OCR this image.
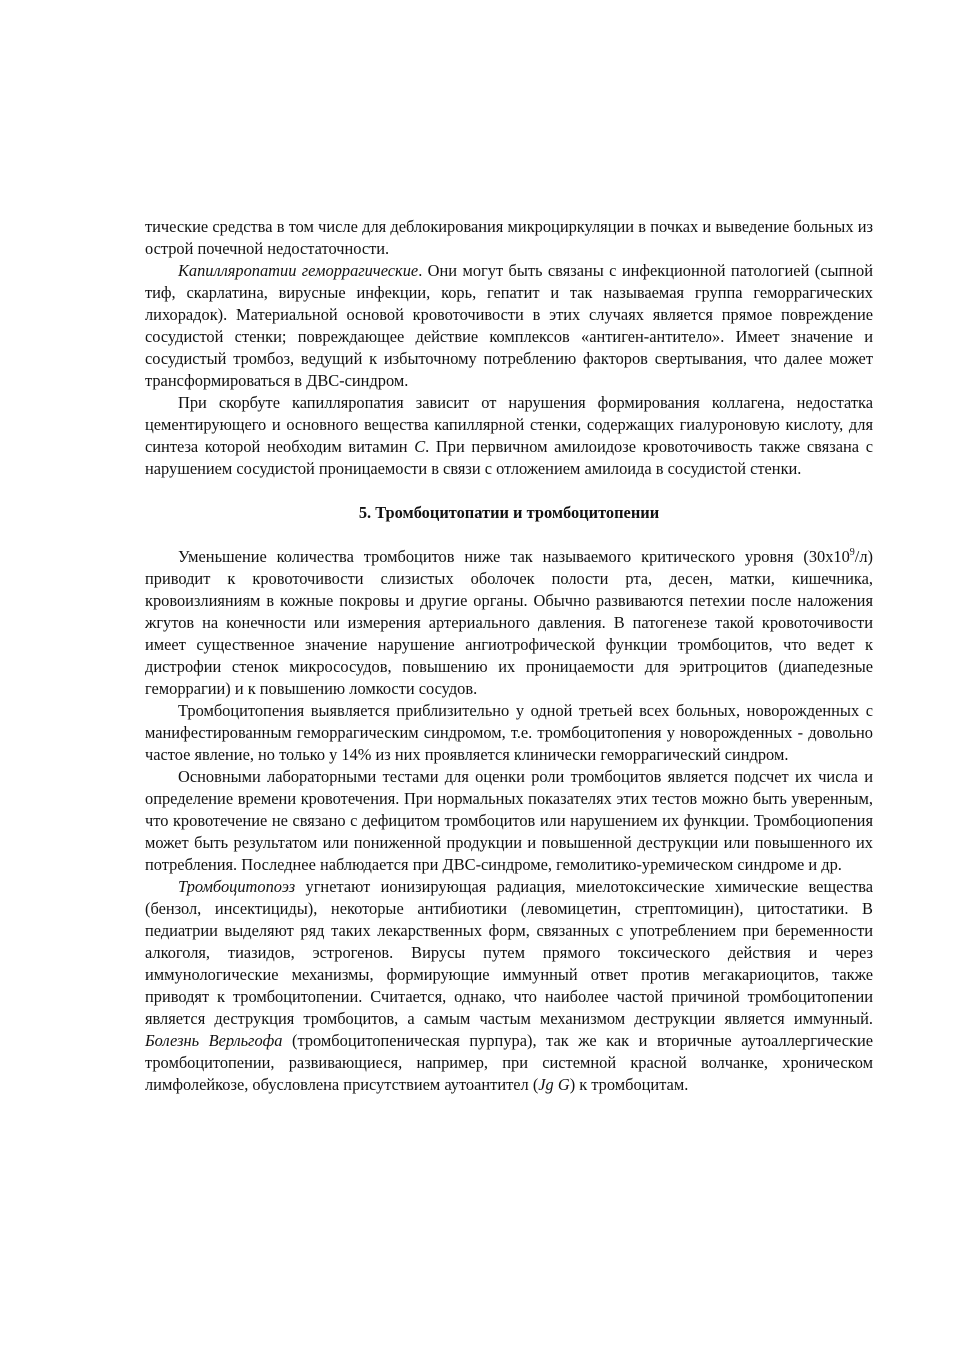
тические средства в том числе для деблокирования микроциркуляции в почках и выведение больных из острой почечной недостаточности.

Капилляропатии геморрагические. Они могут быть связаны с инфекционной патологией (сыпной тиф, скарлатина, вирусные инфекции, корь, гепатит и так называемая группа геморрагических лихорадок). Материальной основой кровоточивости в этих случаях является прямое повреждение сосудистой стенки; повреждающее действие комплексов «антиген-антитело». Имеет значение и сосудистый тромбоз, ведущий к избыточному потреблению факторов свертывания, что далее может трансформироваться в ДВС-синдром.

При скорбуте капилляропатия зависит от нарушения формирования коллагена, недостатка цементирующего и основного вещества капиллярной стенки, содержащих гиалуроновую кислоту, для синтеза которой необходим витамин С. При первичном амилоидозе кровоточивость также связана с нарушением сосудистой проницаемости в связи с отложением амилоида в сосудистой стенки.

5. Тромбоцитопатии и тромбоцитопении

Уменьшение количества тромбоцитов ниже так называемого критического уровня $(30х10^9/л)$ приводит к кровоточивости слизистых оболочек полости рта, десен, матки, кишечника, кровоизлияниям в кожные покровы и другие органы. Обычно развиваются петехии после наложения жгутов на конечности или измерения артериального давления. В патогенезе такой кровоточивости имеет существенное значение нарушение ангиотрофической функции тромбоцитов, что ведет к дистрофии стенок микрососудов, повышению их проницаемости для эритроцитов (диапедезные геморрагии) и к повышению ломкости сосудов.

Тромбоцитопения выявляется приблизительно у одной третьей всех больных, новорожденных с манифестированным геморрагическим синдромом, т.е. тромбоцитопения у новорожденных - довольно частое явление, но только у 14% из них проявляется клинически геморрагический синдром.

Основными лабораторными тестами для оценки роли тромбоцитов является подсчет их числа и определение времени кровотечения. При нормальных показателях этих тестов можно быть уверенным, что кровотечение не связано с дефицитом тромбоцитов или нарушением их функции. Тромбоциопения может быть результатом или пониженной продукции и повышенной деструкции или повышенного их потребления. Последнее наблюдается при ДВС-синдроме, гемолитико-уремическом синдроме и др.

Тромбоцитопоэз угнетают ионизирующая радиация, миелотоксические химические вещества (бензол, инсектициды), некоторые антибиотики (левомицетин, стрептомицин), цитостатики. В педиатрии выделяют ряд таких лекарственных форм, связанных с употреблением при беременности алкоголя, тиазидов, эстрогенов. Вирусы путем прямого токсического действия и через иммунологические механизмы, формирующие иммунный ответ против мегакариоцитов, также приводят к тромбоцитопении. Считается, однако, что наиболее частой причиной тромбоцитопении является деструкция тромбоцитов, а самым частым механизмом деструкции является иммунный. Болезнь Верльгофа (тромбоцитопеническая пурпура), так же как и вторичные аутоаллергические тромбоцитопении, развивающиеся, например, при системной красной волчанке, хроническом лимфолейкозе, обусловлена присутствием аутоантител (Jg G) к тромбоцитам.
